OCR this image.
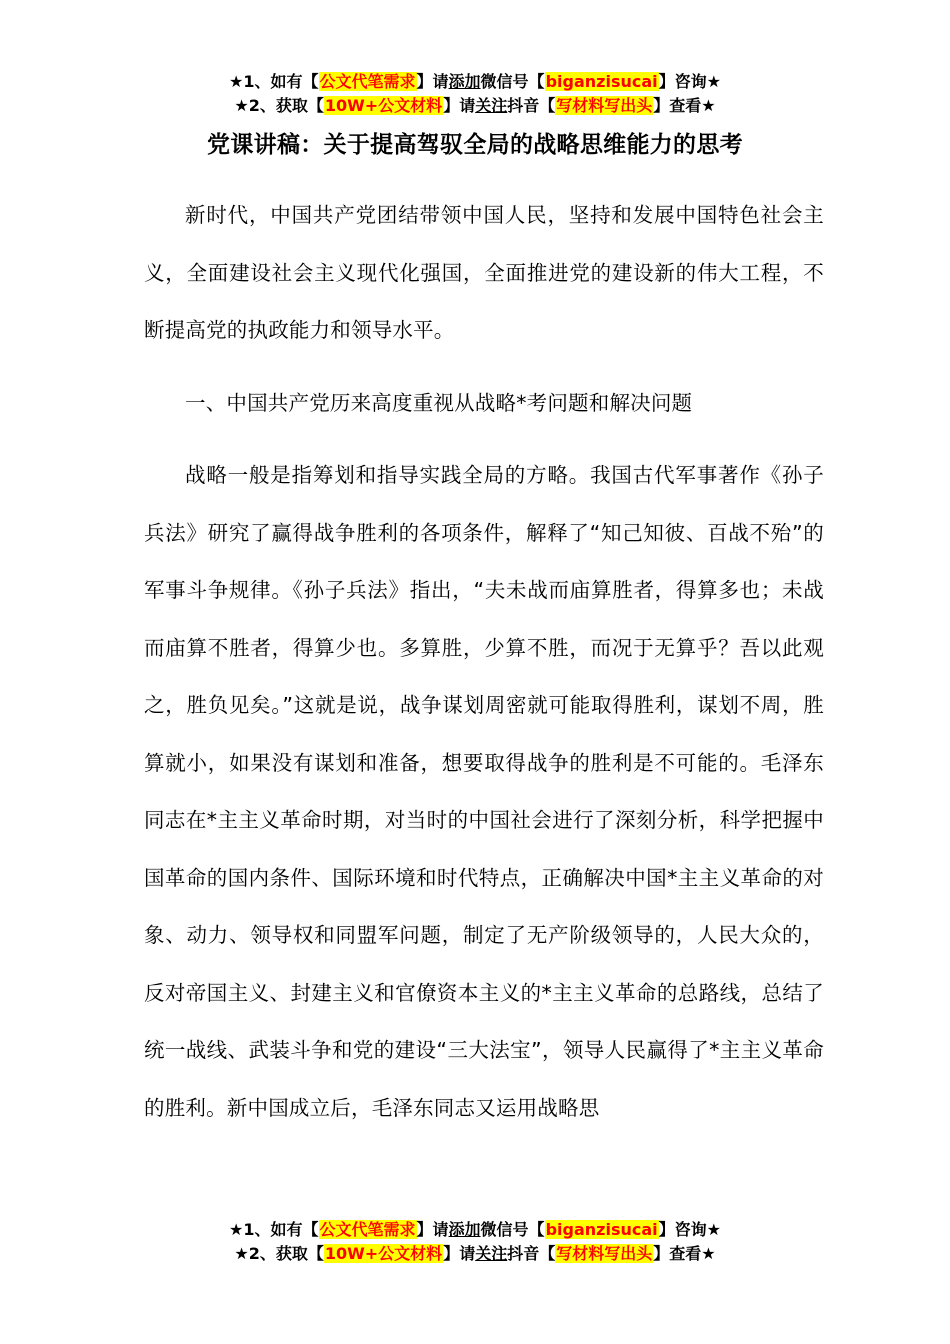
★1、如有【公文代笔需求】请添加微信号【biganzisucai】咨询★
★2、获取【10W+公文材料】请关注抖音【写材料写出头】查看★
党课讲稿：关于提高驾驭全局的战略思维能力的思考

新时代，中国共产党团结带领中国人民，坚持和发展中国特色社会主义，全面建设社会主义现代化强国，全面推进党的建设新的伟大工程，不断提高党的执政能力和领导水平。

一、中国共产党历来高度重视从战略*考问题和解决问题

战略一般是指筹划和指导实践全局的方略。我国古代军事著作《孙子兵法》研究了赢得战争胜利的各项条件，解释了“知己知彼、百战不殆”的军事斗争规律。《孙子兵法》指出，“夫未战而庙算胜者，得算多也；未战而庙算不胜者，得算少也。多算胜，少算不胜，而况于无算乎？吾以此观之，胜负见矣。”这就是说，战争谋划周密就可能取得胜利，谋划不周，胜算就小，如果没有谋划和准备，想要取得战争的胜利是不可能的。毛泽东同志在*主主义革命时期，对当时的中国社会进行了深刻分析，科学把握中国革命的国内条件、国际环境和时代特点，正确解决中国*主主义革命的对象、动力、领导权和同盟军问题，制定了无产阶级领导的，人民大众的，反对帝国主义、封建主义和官僚资本主义的*主主义革命的总路线，总结了统一战线、武装斗争和党的建设“三大法宝”，领导人民赢得了*主主义革命的胜利。新中国成立后，毛泽东同志又运用战略思

★1、如有【公文代笔需求】请添加微信号【biganzisucai】咨询★
★2、获取【10W+公文材料】请关注抖音【写材料写出头】查看★
